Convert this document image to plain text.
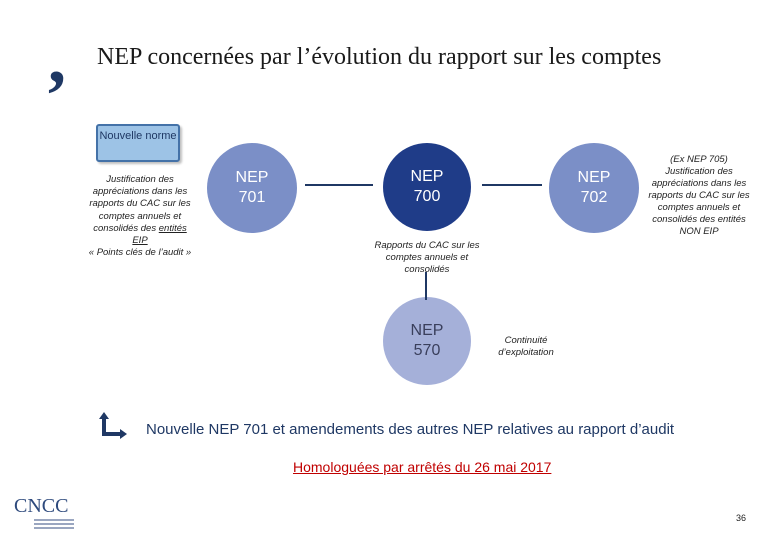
, NEP concernées par l’évolution du rapport sur les comptes
Nouvelle norme
Justification des
appréciations dans les
rapports du CAC sur les
comptes annuels et
consolidés des entités
EIP
« Points clés de l’audit »
NEP
701
NEP
700
NEP
702
NEP
570
Rapports du CAC sur les comptes annuels et consolidés
(Ex NEP 705) Justification des appréciations dans les rapports du CAC sur les comptes annuels et consolidés des entités NON EIP
Continuité d’exploitation
Nouvelle NEP 701 et amendements des autres NEP relatives au rapport d’audit
Homologuées par arrêtés du 26 mai 2017
CNCC
36
